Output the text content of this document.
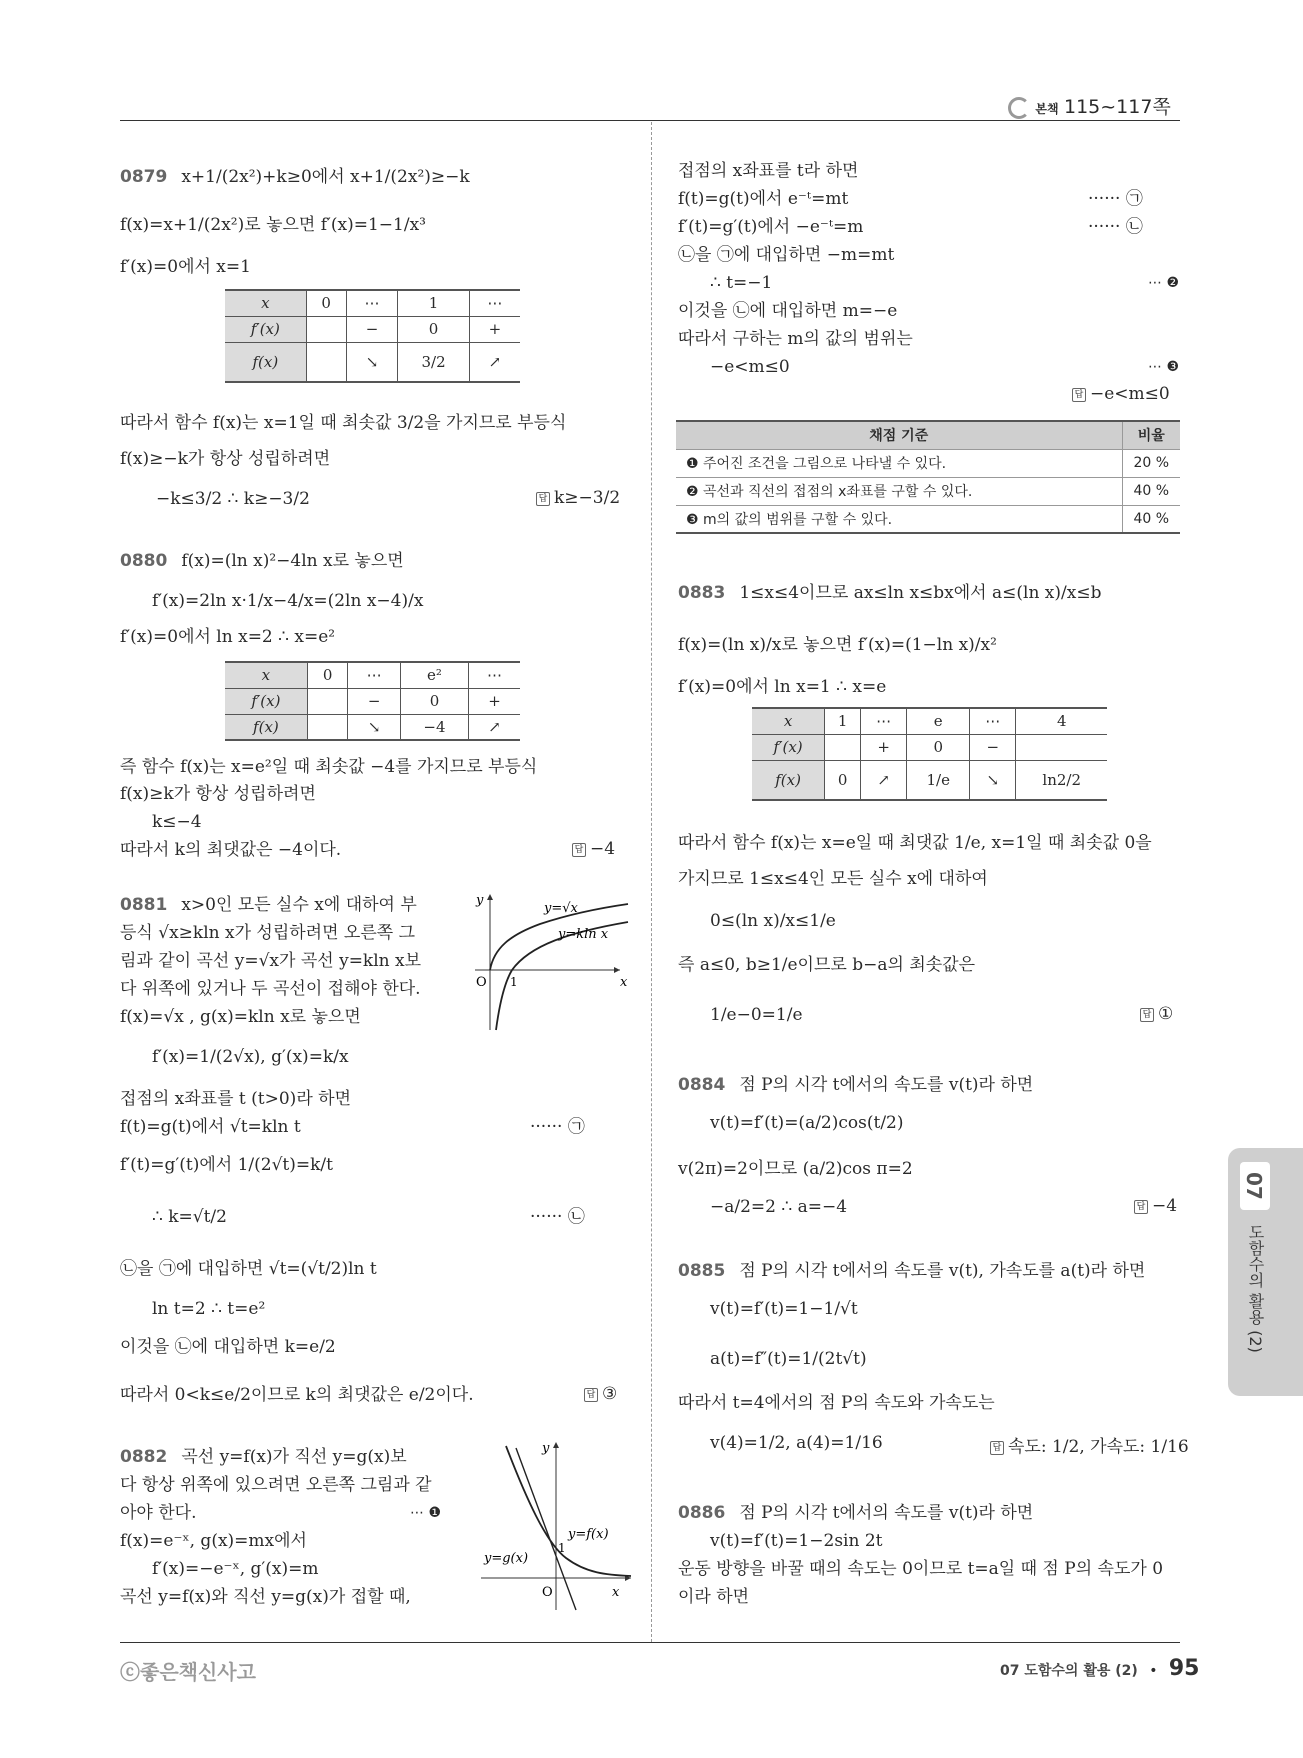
본책 115~117쪽
0879 x+1/(2x²)+k≥0에서 x+1/(2x²)≥−k
f(x)=x+1/(2x²)로 놓으면 f′(x)=1−1/x³
f′(x)=0에서 x=1
x	0	⋯	1	⋯
f′(x)		−	0	+
f(x)		↘	3/2	↗
따라서 함수 f(x)는 x=1일 때 최솟값 3/2을 가지므로 부등식
f(x)≥−k가 항상 성립하려면
−k≤3/2 ∴ k≥−3/2	답 k≥−3/2
0880 f(x)=(ln x)²−4ln x로 놓으면
f′(x)=2ln x·1/x−4/x=(2ln x−4)/x
f′(x)=0에서 ln x=2 ∴ x=e²
x	0	⋯	e²	⋯
f′(x)		−	0	+
f(x)		↘	−4	↗
즉 함수 f(x)는 x=e²일 때 최솟값 −4를 가지므로 부등식
f(x)≥k가 항상 성립하려면
k≤−4
따라서 k의 최댓값은 −4이다.	답 −4
0881 x>0인 모든 실수 x에 대하여 부
등식 √x≥kln x가 성립하려면 오른쪽 그
림과 같이 곡선 y=√x가 곡선 y=kln x보
다 위쪽에 있거나 두 곡선이 접해야 한다.
f(x)=√x , g(x)=kln x로 놓으면
f′(x)=1/(2√x), g′(x)=k/x
접점의 x좌표를 t (t>0)라 하면
f(t)=g(t)에서 √t=kln t	······ ㉠
f′(t)=g′(t)에서 1/(2√t)=k/t
∴ k=√t/2	······ ㉡
㉡을 ㉠에 대입하면 √t=(√t/2)ln t
ln t=2 ∴ t=e²
이것을 ㉡에 대입하면 k=e/2
따라서 0<k≤e/2이므로 k의 최댓값은 e/2이다.	답 ③
y
x
O 1
y=√x
y=kln x
0882 곡선 y=f(x)가 직선 y=g(x)보
다 항상 위쪽에 있으려면 오른쪽 그림과 같
아야 한다.	⋯ ❶
f(x)=e⁻ˣ, g(x)=mx에서
f′(x)=−e⁻ˣ, g′(x)=m
곡선 y=f(x)와 직선 y=g(x)가 접할 때,
y
x
O
1
y=f(x)
y=g(x)
접점의 x좌표를 t라 하면
f(t)=g(t)에서 e⁻ᵗ=mt	······ ㉠
f′(t)=g′(t)에서 −e⁻ᵗ=m	······ ㉡
㉡을 ㉠에 대입하면 −m=mt
∴ t=−1	⋯ ❷
이것을 ㉡에 대입하면 m=−e
따라서 구하는 m의 값의 범위는
−e<m≤0	⋯ ❸
답 −e<m≤0
채점 기준	비율
❶ 주어진 조건을 그림으로 나타낼 수 있다.	20 %
❷ 곡선과 직선의 접점의 x좌표를 구할 수 있다.	40 %
❸ m의 값의 범위를 구할 수 있다.	40 %
0883 1≤x≤4이므로 ax≤ln x≤bx에서 a≤(ln x)/x≤b
f(x)=(ln x)/x로 놓으면 f′(x)=(1−ln x)/x²
f′(x)=0에서 ln x=1 ∴ x=e
x	1	⋯	e	⋯	4
f′(x)		+	0	−	
f(x)	0	↗	1/e	↘	ln2/2
따라서 함수 f(x)는 x=e일 때 최댓값 1/e, x=1일 때 최솟값 0을
가지므로 1≤x≤4인 모든 실수 x에 대하여
0≤(ln x)/x≤1/e
즉 a≤0, b≥1/e이므로 b−a의 최솟값은
1/e−0=1/e	답 ①
0884 점 P의 시각 t에서의 속도를 v(t)라 하면
v(t)=f′(t)=(a/2)cos(t/2)
v(2π)=2이므로 (a/2)cos π=2
−a/2=2 ∴ a=−4	답 −4
0885 점 P의 시각 t에서의 속도를 v(t), 가속도를 a(t)라 하면
v(t)=f′(t)=1−1/√t
a(t)=f″(t)=1/(2t√t)
따라서 t=4에서의 점 P의 속도와 가속도는
v(4)=1/2, a(4)=1/16	답 속도: 1/2, 가속도: 1/16
0886 점 P의 시각 t에서의 속도를 v(t)라 하면
v(t)=f′(t)=1−2sin 2t
운동 방향을 바꿀 때의 속도는 0이므로 t=a일 때 점 P의 속도가 0
이라 하면
07
도함수의 활용 (2)
ⓒ좋은책신사고	07 도함수의 활용 (2) • 95
